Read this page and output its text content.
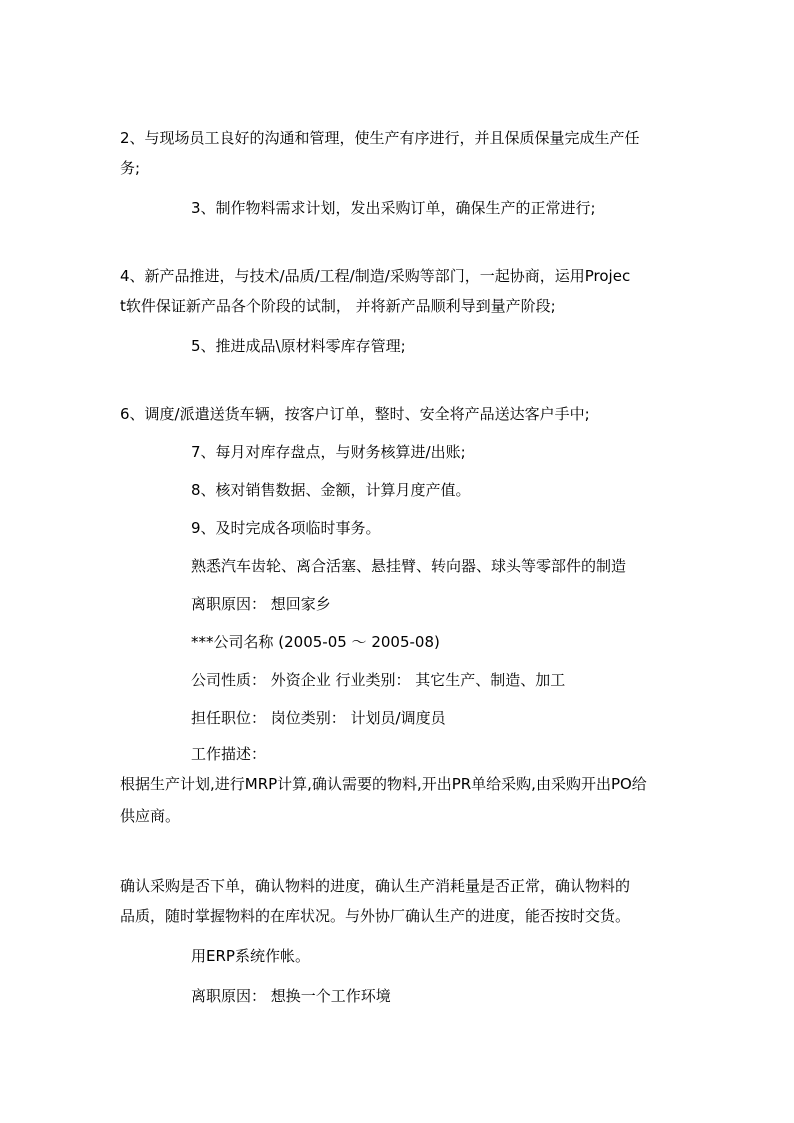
2、与现场员工良好的沟通和管理，使生产有序进行，并且保质保量完成生产任
务;
3、制作物料需求计划，发出采购订单，确保生产的正常进行;
4、新产品推进，与技术/品质/工程/制造/采购等部门，一起协商，运用Projec
t软件保证新产品各个阶段的试制， 并将新产品顺利导到量产阶段;
5、推进成品\原材料零库存管理;
6、调度/派遣送货车辆，按客户订单，整时、安全将产品送达客户手中;
7、每月对库存盘点，与财务核算进/出账;
8、核对销售数据、金额，计算月度产值。
9、及时完成各项临时事务。
熟悉汽车齿轮、离合活塞、悬挂臂、转向器、球头等零部件的制造
离职原因： 想回家乡
***公司名称 (2005-05 ～ 2005-08)
公司性质： 外资企业 行业类别： 其它生产、制造、加工
担任职位： 岗位类别： 计划员/调度员
工作描述：
根据生产计划,进行MRP计算,确认需要的物料,开出PR单给采购,由采购开出PO给
供应商。
确认采购是否下单，确认物料的进度，确认生产消耗量是否正常，确认物料的
品质，随时掌握物料的在库状况。与外协厂确认生产的进度，能否按时交货。
用ERP系统作帐。
离职原因： 想换一个工作环境
